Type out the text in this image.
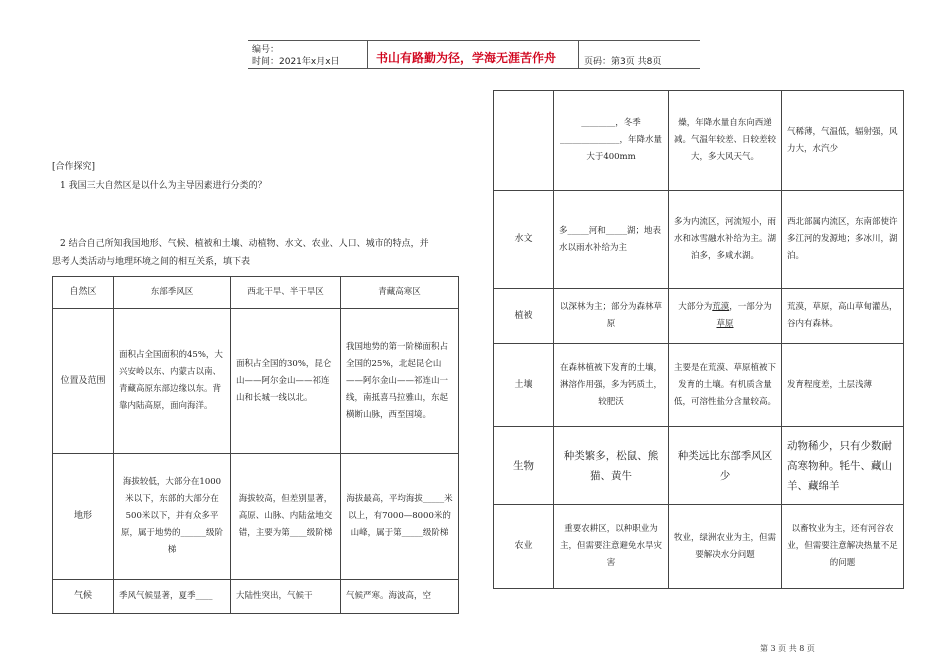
编号：
时间：2021年x月x日	书山有路勤为径，学海无涯苦作舟	页码：第3页 共8页
[合作探究]
1 我国三大自然区是以什么为主导因素进行分类的？
2 结合自己所知我国地形、气候、植被和土壤、动植物、水文、农业、人口、城市的特点，并
思考人类活动与地理环境之间的相互关系，填下表
自然区	东部季风区	西北干旱、半干旱区	青藏高寒区
位置及范围	面积占全国面积的45%，大兴安岭以东、内蒙古以南、青藏高原东部边缘以东。背靠内陆高原，面向海洋。	面积占全国的30%，昆仑山——阿尔金山——祁连山和长城一线以北。	我国地势的第一阶梯面积占全国的25%，北起昆仑山——阿尔金山——祁连山一线，南抵喜马拉雅山，东起横断山脉，西至国境。
地形	海拔较低，大部分在1000米以下，东部的大部分在500米以下，并有众多平原，属于地势的______级阶梯	海拔较高，但差别显著，高原、山脉、内陆盆地交错，主要为第____级阶梯	海拔最高，平均海拔_____米以上，有7000—8000米的山峰，属于第_____级阶梯
气候	季风气候显著，夏季____	大陆性突出，气候干	气候严寒。海波高，空
	________，冬季______________，年降水量大于400mm	燥，年降水量自东向西递减。气温年较差、日较差较大，多大风天气。	气稀薄，气温低，辐射强，风力大，水汽少
水文	多_____河和_____湖；地表水以雨水补给为主	多为内流区，河流短小，雨水和冰雪融水补给为主。湖泊多，多咸水湖。	西北部属内流区，东南部使许多江河的发源地；多冰川，湖泊。
植被	以深林为主；部分为森林草原	大部分为荒漠，一部分为草原	荒漠，草原，高山草甸灌丛，谷内有森林。
土壤	在森林植被下发育的土壤，淋溶作用强，多为钙质土，较肥沃	主要是在荒漠、草原植被下发育的土壤。有机质含量低，可溶性盐分含量较高。	发育程度差，土层浅薄
生物	种类繁多，松鼠、熊猫、黄牛	种类远比东部季风区少	动物稀少，只有少数耐高寒物种。牦牛、藏山羊、藏绵羊
农业	重要农耕区，以种职业为主，但需要注意避免水旱灾害	牧业，绿洲农业为主，但需要解决水分问题	以畜牧业为主，还有河谷农业，但需要注意解决热量不足的问题
第 3 页 共 8 页
